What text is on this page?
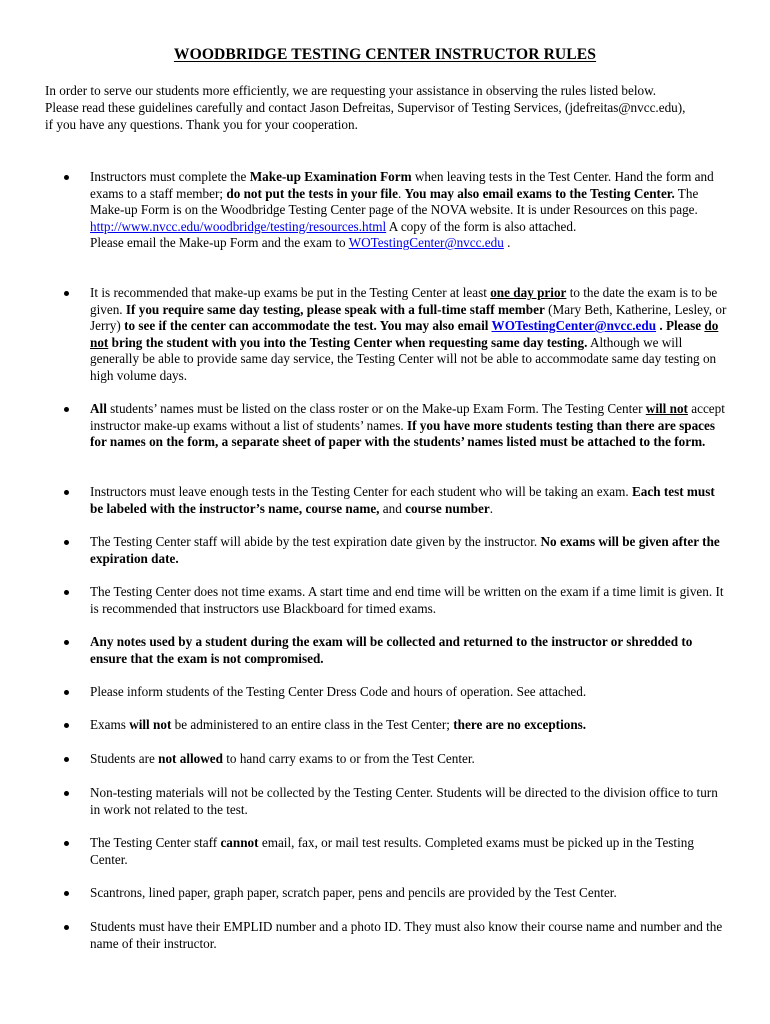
WOODBRIDGE TESTING CENTER INSTRUCTOR RULES

In order to serve our students more efficiently, we are requesting your assistance in observing the rules listed below.

Please read these guidelines carefully and contact Jason Defreitas, Supervisor of Testing Services, (jdefreitas@nvcc.edu),

if you have any questions. Thank you for your cooperation.

Instructors must complete the Make-up Examination Form when leaving tests in the Test Center. Hand the form and exams to a staff member; do not put the tests in your file. You may also email exams to the Testing Center. The Make-up Form is on the Woodbridge Testing Center page of the NOVA website. It is under Resources on this page. http://www.nvcc.edu/woodbridge/testing/resources.html A copy of the form is also attached.

Please email the Make-up Form and the exam to WOTestingCenter@nvcc.edu .

It is recommended that make-up exams be put in the Testing Center at least one day prior to the date the exam is to be given. If you require same day testing, please speak with a full-time staff member (Mary Beth, Katherine, Lesley, or Jerry) to see if the center can accommodate the test. You may also email WOTestingCenter@nvcc.edu . Please do not bring the student with you into the Testing Center when requesting same day testing. Although we will generally be able to provide same day service, the Testing Center will not be able to accommodate same day testing on high volume days.

All students’ names must be listed on the class roster or on the Make-up Exam Form. The Testing Center will not accept instructor make-up exams without a list of students’ names. If you have more students testing than there are spaces for names on the form, a separate sheet of paper with the students’ names listed must be attached to the form.

Instructors must leave enough tests in the Testing Center for each student who will be taking an exam. Each test must be labeled with the instructor’s name, course name, and course number.

The Testing Center staff will abide by the test expiration date given by the instructor. No exams will be given after the expiration date.

The Testing Center does not time exams. A start time and end time will be written on the exam if a time limit is given. It is recommended that instructors use Blackboard for timed exams.

Any notes used by a student during the exam will be collected and returned to the instructor or shredded to ensure that the exam is not compromised.

Please inform students of the Testing Center Dress Code and hours of operation. See attached.

Exams will not be administered to an entire class in the Test Center; there are no exceptions.

Students are not allowed to hand carry exams to or from the Test Center.

Non-testing materials will not be collected by the Testing Center. Students will be directed to the division office to turn in work not related to the test.

The Testing Center staff cannot email, fax, or mail test results. Completed exams must be picked up in the Testing Center.

Scantrons, lined paper, graph paper, scratch paper, pens and pencils are provided by the Test Center.

Students must have their EMPLID number and a photo ID. They must also know their course name and number and the name of their instructor.
